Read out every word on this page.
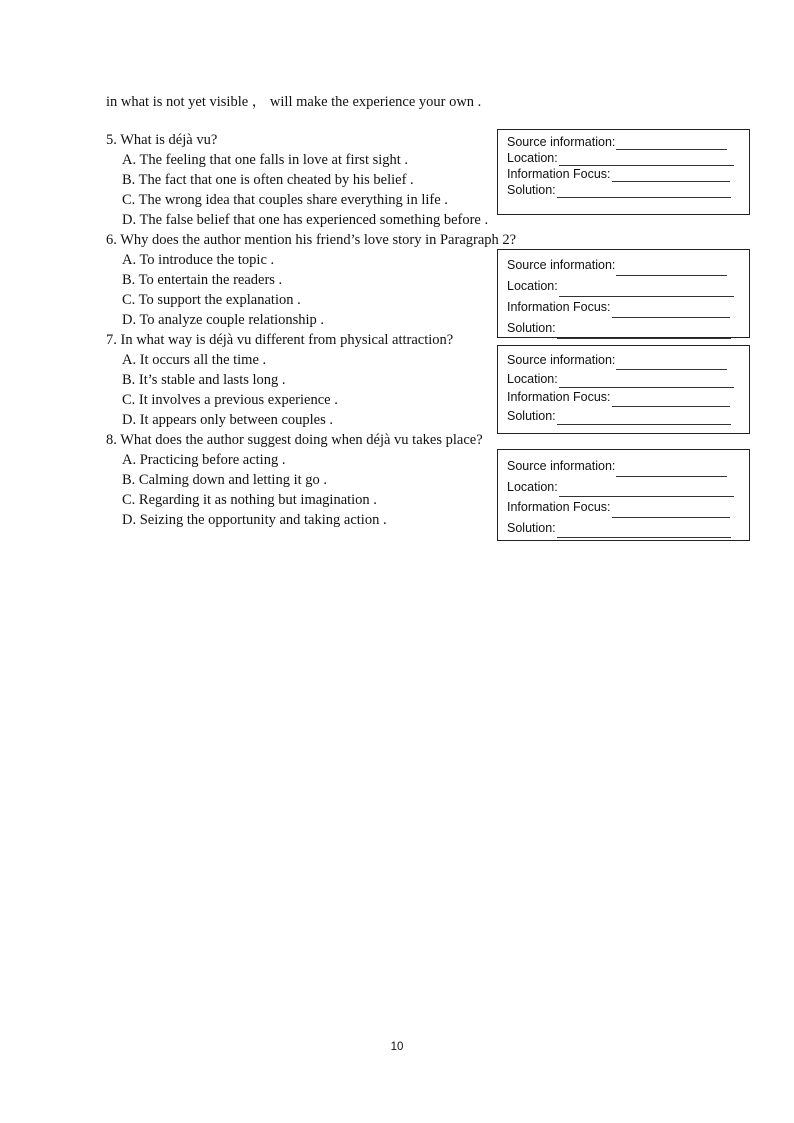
in what is not yet visible ， will make the experience your own .
5. What is déjà vu?
A. The feeling that one falls in love at first sight .
B. The fact that one is often cheated by his belief .
C. The wrong idea that couples share everything in life .
D. The false belief that one has experienced something before .
6. Why does the author mention his friend’s love story in Paragraph 2?
A. To introduce the topic .
B. To entertain the readers .
C. To support the explanation .
D. To analyze couple relationship .
7. In what way is déjà vu different from physical attraction?
A. It occurs all the time .
B. It’s stable and lasts long .
C. It involves a previous experience .
D. It appears only between couples .
8. What does the author suggest doing when déjà vu takes place?
A. Practicing before acting .
B. Calming down and letting it go .
C. Regarding it as nothing but imagination .
D. Seizing the opportunity and taking action .
Source information:
Location:
Information Focus:
Solution:
Source information:
Location:
Information Focus:
Solution:
Source information:
Location:
Information Focus:
Solution:
Source information:
Location:
Information Focus:
Solution:
10
